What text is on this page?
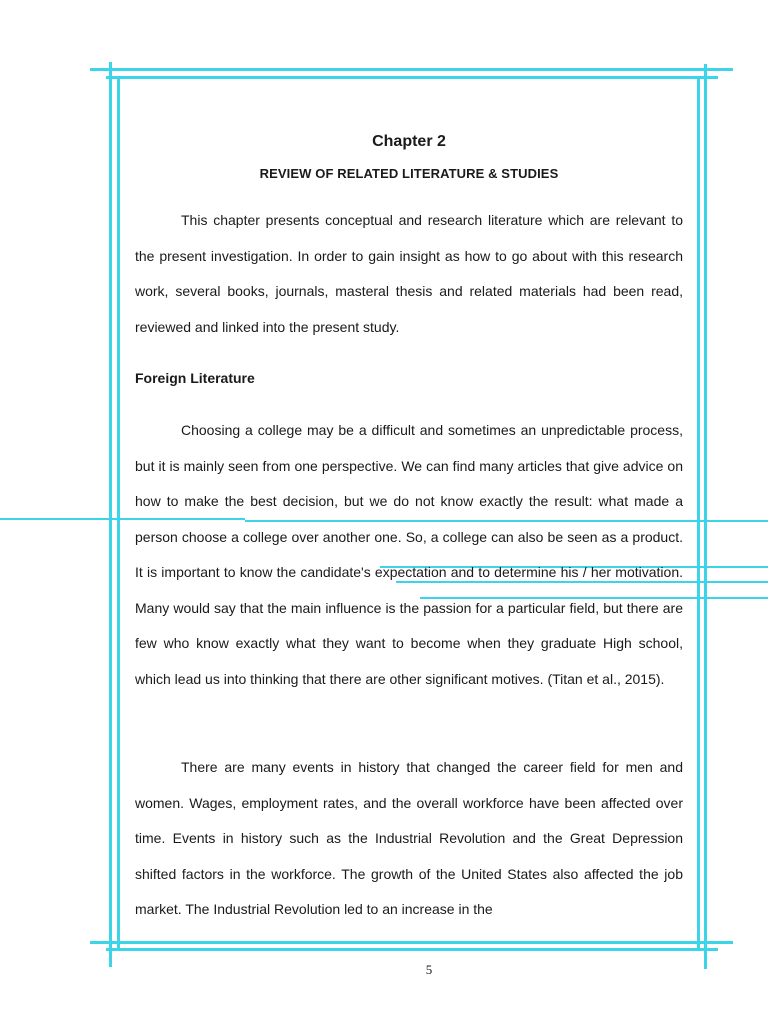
Chapter 2
REVIEW OF RELATED LITERATURE & STUDIES

This chapter presents conceptual and research literature which are relevant to the present investigation. In order to gain insight as how to go about with this research work, several books, journals, masteral thesis and related materials had been read, reviewed and linked into the present study.

Foreign Literature

Choosing a college may be a difficult and sometimes an unpredictable process, but it is mainly seen from one perspective. We can find many articles that give advice on how to make the best decision, but we do not know exactly the result: what made a person choose a college over another one. So, a college can also be seen as a product. It is important to know the candidate's expectation and to determine his / her motivation. Many would say that the main influence is the passion for a particular field, but there are few who know exactly what they want to become when they graduate High school, which lead us into thinking that there are other significant motives. (Titan et al., 2015).

There are many events in history that changed the career field for men and women. Wages, employment rates, and the overall workforce have been affected over time. Events in history such as the Industrial Revolution and the Great Depression shifted factors in the workforce. The growth of the United States also affected the job market. The Industrial Revolution led to an increase in the

5
